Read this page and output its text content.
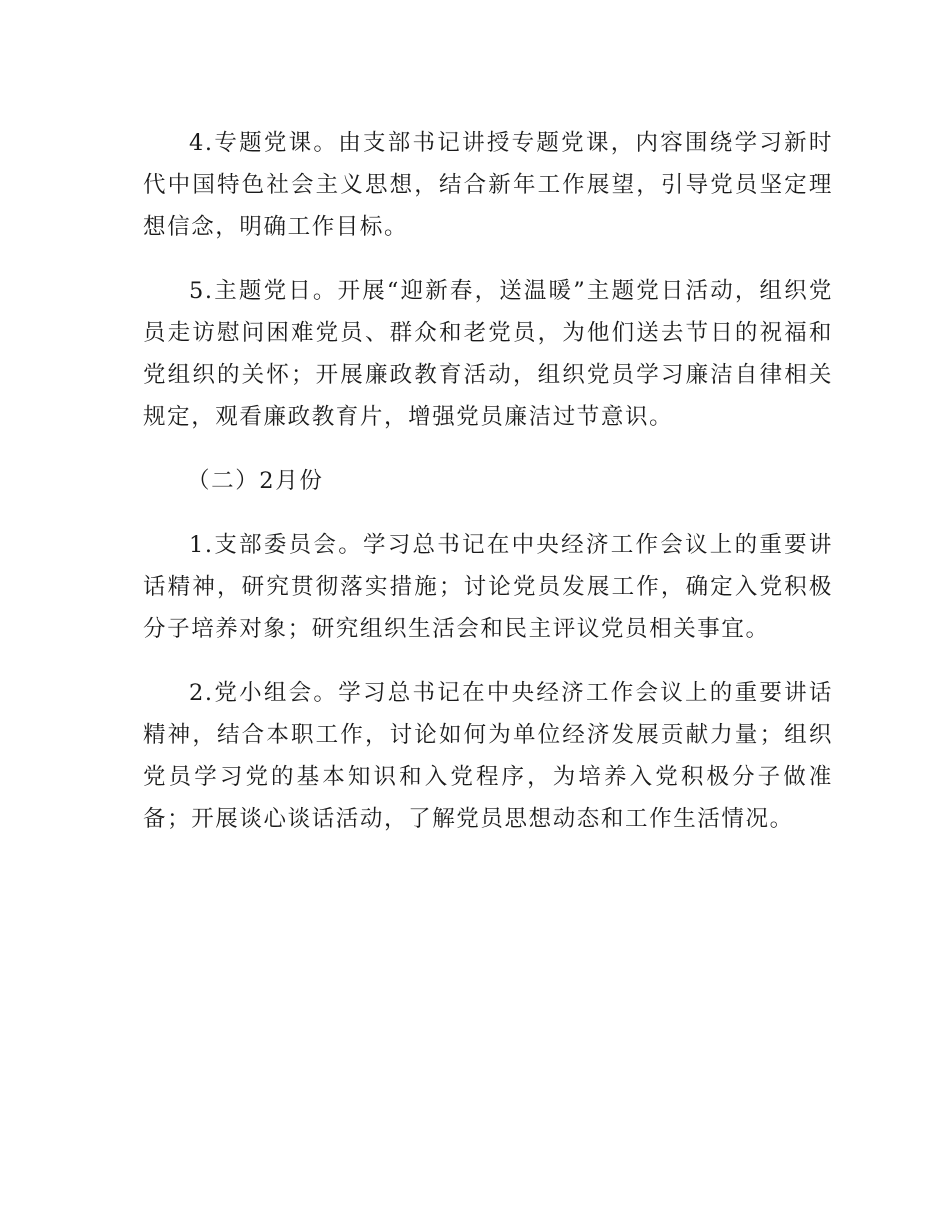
4.专题党课。由支部书记讲授专题党课，内容围绕学习新时代中国特色社会主义思想，结合新年工作展望，引导党员坚定理想信念，明确工作目标。

5.主题党日。开展“迎新春，送温暖”主题党日活动，组织党员走访慰问困难党员、群众和老党员，为他们送去节日的祝福和党组织的关怀；开展廉政教育活动，组织党员学习廉洁自律相关规定，观看廉政教育片，增强党员廉洁过节意识。

（二）2月份

1.支部委员会。学习总书记在中央经济工作会议上的重要讲话精神，研究贯彻落实措施；讨论党员发展工作，确定入党积极分子培养对象；研究组织生活会和民主评议党员相关事宜。

2.党小组会。学习总书记在中央经济工作会议上的重要讲话精神，结合本职工作，讨论如何为单位经济发展贡献力量；组织党员学习党的基本知识和入党程序，为培养入党积极分子做准备；开展谈心谈话活动，了解党员思想动态和工作生活情况。
